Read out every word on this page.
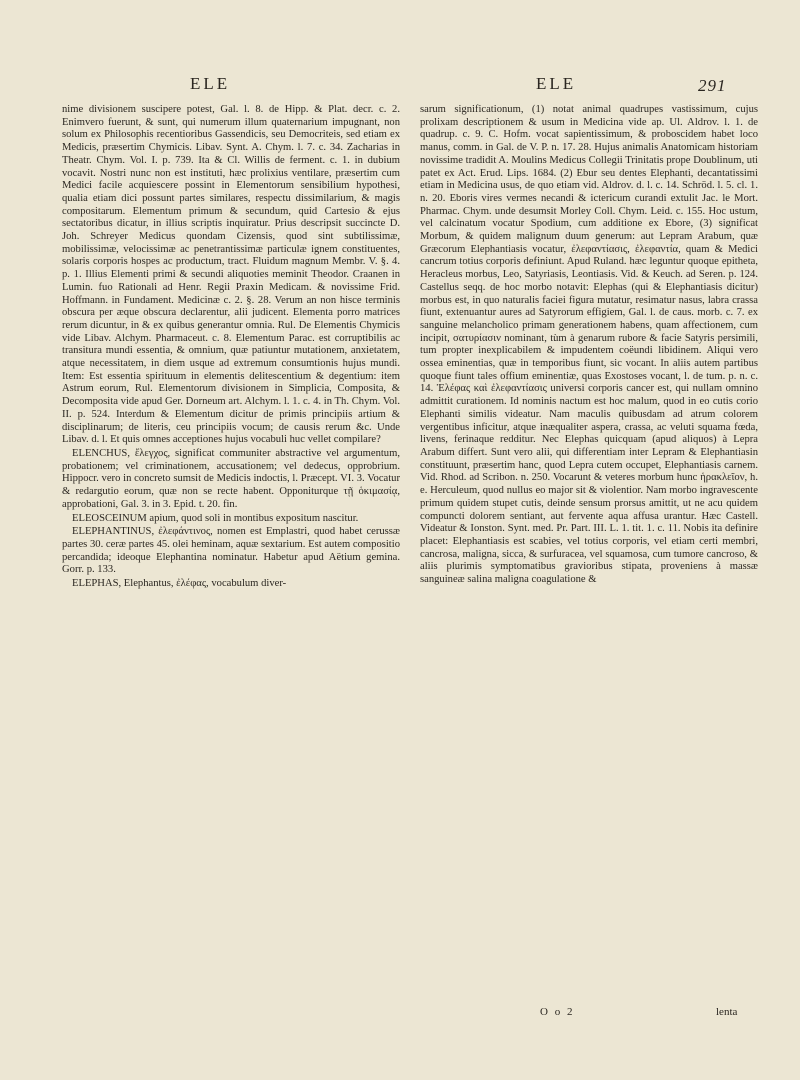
ELE	ELE	291

nime divisionem suscipere potest, Gal. l. 8. de Hipp. & Plat. decr. c. 2. Enimvero fuerunt, & sunt, qui numerum illum quaternarium impugnant, non solum ex Philosophis recentioribus Gassendicis, seu Democriteis, sed etiam ex Medicis, præsertim Chymicis. Libav. Synt. A. Chym. l. 7. c. 34. Zacharias in Theatr. Chym. Vol. I. p. 739. Ita & Cl. Willis de ferment. c. 1. in dubium vocavit. Nostri nunc non est instituti, hæc prolixius ventilare, præsertim cum Medici facile acquiescere possint in Elementorum sensibilium hypothesi, qualia etiam dici possunt partes similares, respectu dissimilarium, & magis compositarum. Elementum primum & secundum, quid Cartesio & ejus sectatoribus dicatur, in illius scriptis inquiratur. Prius descripsit succincte D. Joh. Schreyer Medicus quondam Cizensis, quod sint subtilissimæ, mobilissimæ, velocissimæ ac penetrantissimæ particulæ ignem constituentes, solaris corporis hospes ac productum, tract. Fluidum magnum Membr. V. §. 4. p. 1. Illius Elementi primi & secundi aliquoties meminit Theodor. Craanen in Lumin. fuo Rationali ad Henr. Regii Praxin Medicam. & novissime Frid. Hoffmann. in Fundament. Medicinæ c. 2. §. 28. Verum an non hisce terminis obscura per æque obscura declarentur, alii judicent. Elementa porro matrices rerum dicuntur, in & ex quibus generantur omnia. Rul. De Elementis Chymicis vide Libav. Alchym. Pharmaceut. c. 8. Elementum Parac. est corruptibilis ac transitura mundi essentia, & omnium, quæ patiuntur mutationem, anxietatem, atque necessitatem, in diem usque ad extremum consumtionis hujus mundi. Item: Est essentia spirituum in elementis delitescentium & degentium: item Astrum eorum, Rul. Elementorum divisionem in Simplicia, Composita, & Decomposita vide apud Ger. Dorneum art. Alchym. l. 1. c. 4. in Th. Chym. Vol. II. p. 524. Interdum & Elementum dicitur de primis principiis artium & disciplinarum; de literis, ceu principiis vocum; de causis rerum &c. Unde Libav. d. l. Et quis omnes acceptiones hujus vocabuli huc vellet compilare?

ELENCHUS, ἔλεγχος, significat communiter abstractive vel argumentum, probationem; vel criminationem, accusationem; vel dedecus, opprobrium. Hippocr. vero in concreto sumsit de Medicis indoctis, l. Præcept. VI. 3. Vocatur & redargutio eorum, quæ non se recte habent. Opponiturque τῇ ὁκιμασίᾳ, approbationi, Gal. 3. in 3. Epid. t. 20. fin.

ELEOSCEINUM apium, quod soli in montibus expositum nascitur.

ELEPHANTINUS, ἐλεφάντινος, nomen est Emplastri, quod habet cerussæ partes 30. ceræ partes 45. olei heminam, aquæ sextarium. Est autem compositio percandida; ideoque Elephantina nominatur. Habetur apud Aëtium gemina. Gorr. p. 133.

ELEPHAS, Elephantus, ἐλέφας, vocabulum diver-

sarum significationum, (1) notat animal quadrupes vastissimum, cujus prolixam descriptionem & usum in Medicina vide ap. Ul. Aldrov. l. 1. de quadrup. c. 9. C. Hofm. vocat sapientissimum, & proboscidem habet loco manus, comm. in Gal. de V. P. n. 17. 28. Hujus animalis Anatomicam historiam novissime tradidit A. Moulins Medicus Collegii Trinitatis prope Doublinum, uti patet ex Act. Erud. Lips. 1684. (2) Ebur seu dentes Elephanti, decantatissimi etiam in Medicina usus, de quo etiam vid. Aldrov. d. l. c. 14. Schröd. l. 5. cl. 1. n. 20. Eboris vires vermes necandi & ictericum curandi extulit Jac. le Mort. Pharmac. Chym. unde desumsit Morley Coll. Chym. Leid. c. 155. Hoc ustum, vel calcinatum vocatur Spodium, cum additione ex Ebore, (3) significat Morbum, & quidem malignum duum generum: aut Lepram Arabum, quæ Græcorum Elephantiasis vocatur, ἐλεφαντίασις, ἐλεφαντία, quam & Medici cancrum totius corporis definiunt. Apud Ruland. hæc leguntur quoque epitheta, Heracleus morbus, Leo, Satyriasis, Leontiasis. Vid. & Keuch. ad Seren. p. 124. Castellus seqq. de hoc morbo notavit: Elephas (qui & Elephantiasis dicitur) morbus est, in quo naturalis faciei figura mutatur, resimatur nasus, labra crassa fiunt, extenuantur aures ad Satyrorum effigiem, Gal. l. de caus. morb. c. 7. ex sanguine melancholico primam generationem habens, quam affectionem, cum incipit, σατυρίασιν nominant, tùm à genarum rubore & facie Satyris persimili, tum propter inexplicabilem & impudentem coëundi libidinem. Aliqui vero ossea eminentias, quæ in temporibus fiunt, sic vocant. In aliis autem partibus quoque fiunt tales offium eminentiæ, quas Exostoses vocant, l. de tum. p. n. c. 14. Ἐλέφας καὶ ἐλεφαντίασις universi corporis cancer est, qui nullam omnino admittit curationem. Id nominis nactum est hoc malum, quod in eo cutis corio Elephanti similis videatur. Nam maculis quibusdam ad atrum colorem vergentibus inficitur, atque inæqualiter aspera, crassa, ac veluti squama fœda, livens, ferinaque redditur. Nec Elephas quicquam (apud aliquos) à Lepra Arabum differt. Sunt vero alii, qui differentiam inter Lepram & Elephantiasin constituunt, præsertim hanc, quod Lepra cutem occupet, Elephantiasis carnem. Vid. Rhod. ad Scribon. n. 250. Vocarunt & veteres morbum hunc ἡρακλεῖον, h. e. Herculeum, quod nullus eo major sit & violentior. Nam morbo ingravescente primum quidem stupet cutis, deinde sensum prorsus amittit, ut ne acu quidem compuncti dolorem sentiant, aut fervente aqua affusa urantur. Hæc Castell. Videatur & Ionston. Synt. med. Pr. Part. III. L. 1. tit. 1. c. 11. Nobis ita definire placet: Elephantiasis est scabies, vel totius corporis, vel etiam certi membri, cancrosa, maligna, sicca, & surfuracea, vel squamosa, cum tumore cancroso, & aliis plurimis symptomatibus gravioribus stipata, proveniens à massæ sanguineæ salina maligna coagulatione &

O o 2	lenta
